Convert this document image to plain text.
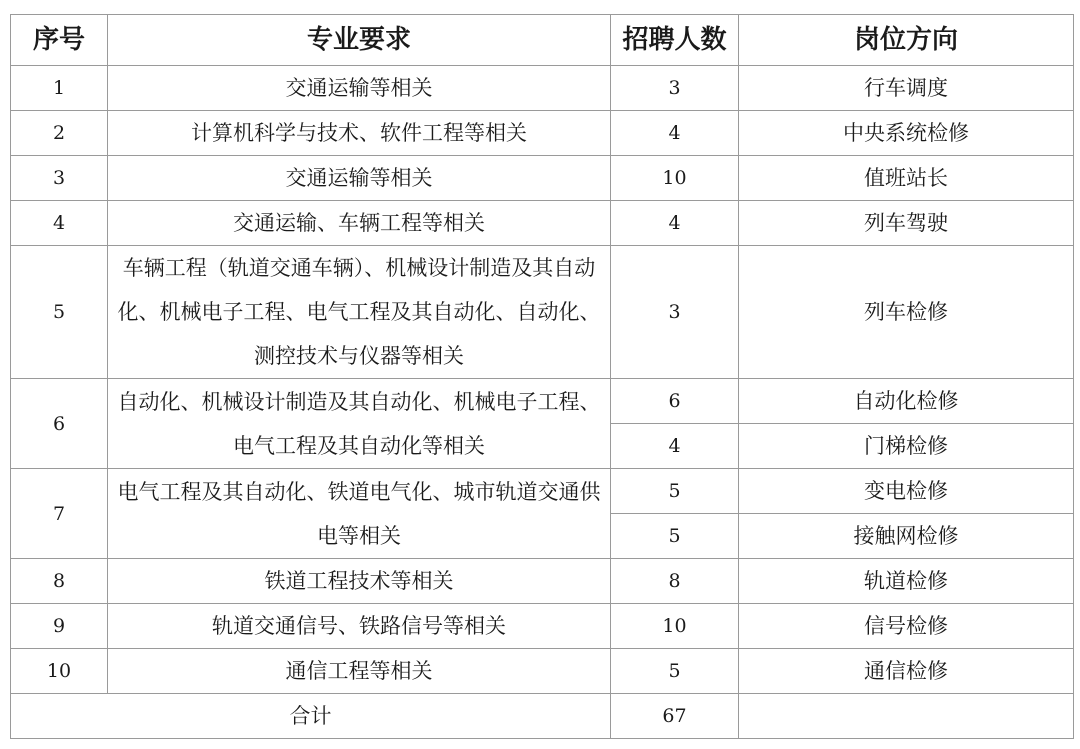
序号	专业要求	招聘人数	岗位方向
1	交通运输等相关	3	行车调度
2	计算机科学与技术、软件工程等相关	4	中央系统检修
3	交通运输等相关	10	值班站长
4	交通运输、车辆工程等相关	4	列车驾驶
5	车辆工程（轨道交通车辆）、机械设计制造及其自动化、机械电子工程、电气工程及其自动化、自动化、测控技术与仪器等相关	3	列车检修
6	自动化、机械设计制造及其自动化、机械电子工程、电气工程及其自动化等相关	6	自动化检修
		4	门梯检修
7	电气工程及其自动化、铁道电气化、城市轨道交通供电等相关	5	变电检修
		5	接触网检修
8	铁道工程技术等相关	8	轨道检修
9	轨道交通信号、铁路信号等相关	10	信号检修
10	通信工程等相关	5	通信检修
合计		67	
